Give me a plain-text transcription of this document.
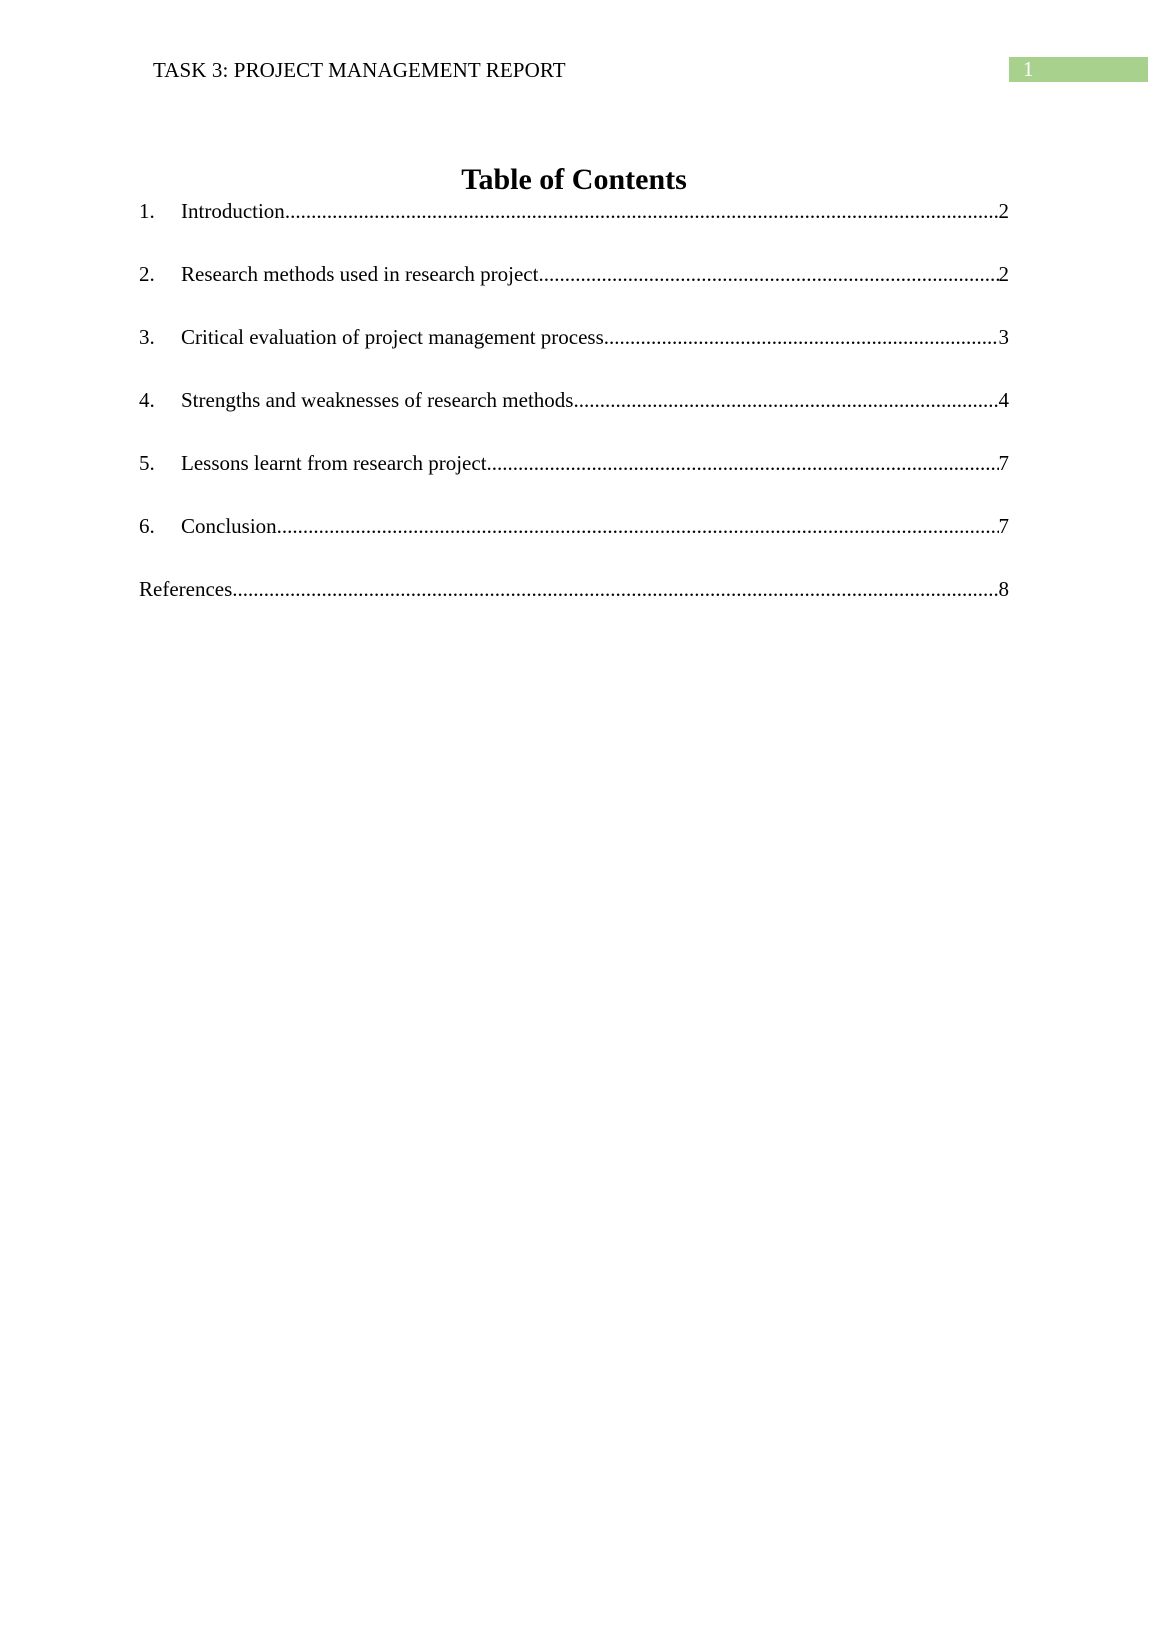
TASK 3: PROJECT MANAGEMENT REPORT	1
Table of Contents
1. Introduction .....	2
2. Research methods used in research project .....	2
3. Critical evaluation of project management process .....	3
4. Strengths and weaknesses of research methods .....	4
5. Lessons learnt from research project .....	7
6. Conclusion .....	7
References .....	8
